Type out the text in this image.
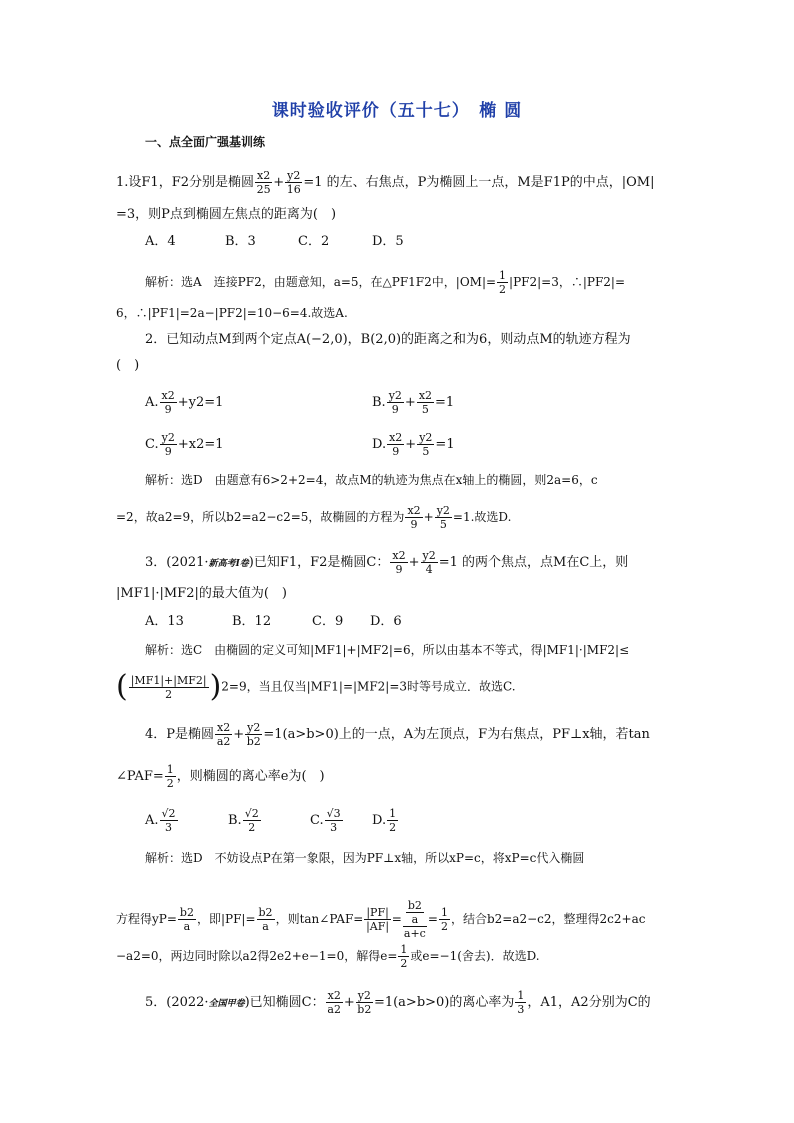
课时验收评价（五十七）　椭 圆
一、点全面广强基训练
1.设F1，F2分别是椭圆 $\frac{x2}{25} + \frac{y2}{16} =1$ 的左、右焦点，P为椭圆上一点，M是F1P的中点，|OM|
=3，则P点到椭圆左焦点的距离为(　)
A．4	B．3	C．2	D．5
解析：选A　连接PF2，由题意知，a=5，在△PF1F2中，$|OM|= \frac{1}{2} |PF2|=3$，∴|PF2|=
6，∴|PF1|=2a−|PF2|=10−6=4.故选A.
2．已知动点M到两个定点A(−2,0)，B(2,0)的距离之和为6，则动点M的轨迹方程为
(　)
A. $\frac{x2}{9} +y2=1$	B. $\frac{y2}{9} + \frac{x2}{5} =1$
C. $\frac{y2}{9} +x2=1$	D. $\frac{x2}{9} + \frac{y2}{5} =1$
解析：选D　由题意有6>2+2=4，故点M的轨迹为焦点在x轴上的椭圆，则2a=6，c
=2，故a2=9，所以b2=a2−c2=5，故椭圆的方程为 $\frac{x2}{9} + \frac{y2}{5} =1$.故选D.
3．(2021·新高考Ⅰ卷)已知F1，F2是椭圆C： $\frac{x2}{9} + \frac{y2}{4} =1$ 的两个焦点，点M在C上，则
|MF1|·|MF2|的最大值为(　)
A．13	B．12	C．9 D．6
解析：选C　由椭圆的定义可知|MF1|+|MF2|=6，所以由基本不等式，得|MF1|·|MF2|≤
( $\frac{|MF1|+|MF2|}{2} )2=9$，当且仅当|MF1|=|MF2|=3时等号成立．故选C.
4．P是椭圆 $\frac{x2}{a2} + \frac{y2}{b2} =1(a>b>0)$上的一点，A为左顶点，F为右焦点，PF⊥x轴，若tan
∠PAF= $\frac{1}{2}$ ，则椭圆的离心率e为(　)
A. $\frac{√2}{3}$	B. $\frac{√2}{2}$	C. $\frac{√3}{3} D$. $\frac{1}{2}$
解析：选D　不妨设点P在第一象限，因为PF⊥x轴，所以xP=c，将xP=c代入椭圆
方程得$yP= \frac{b2}{a}$ ，即$|PF|= \frac{b2}{a}$ ，则tan∠PAF= $\frac{|PF|}{|AF|} = \frac{\frac{b2}{a}}{a+c} = \frac{1}{2}$ ，结合b2=a2−c2，整理得2c2+ac
−a2=0，两边同时除以a2得2e2+e−1=0，解得$e= \frac{1}{2}$ 或e=−1(舍去)．故选D.
5．(2022·全国甲卷)已知椭圆C： $\frac{x2}{a2} + \frac{y2}{b2} =1(a>b>0)$的离心率为 $\frac{1}{3}$ ，A1，A2分别为C的
